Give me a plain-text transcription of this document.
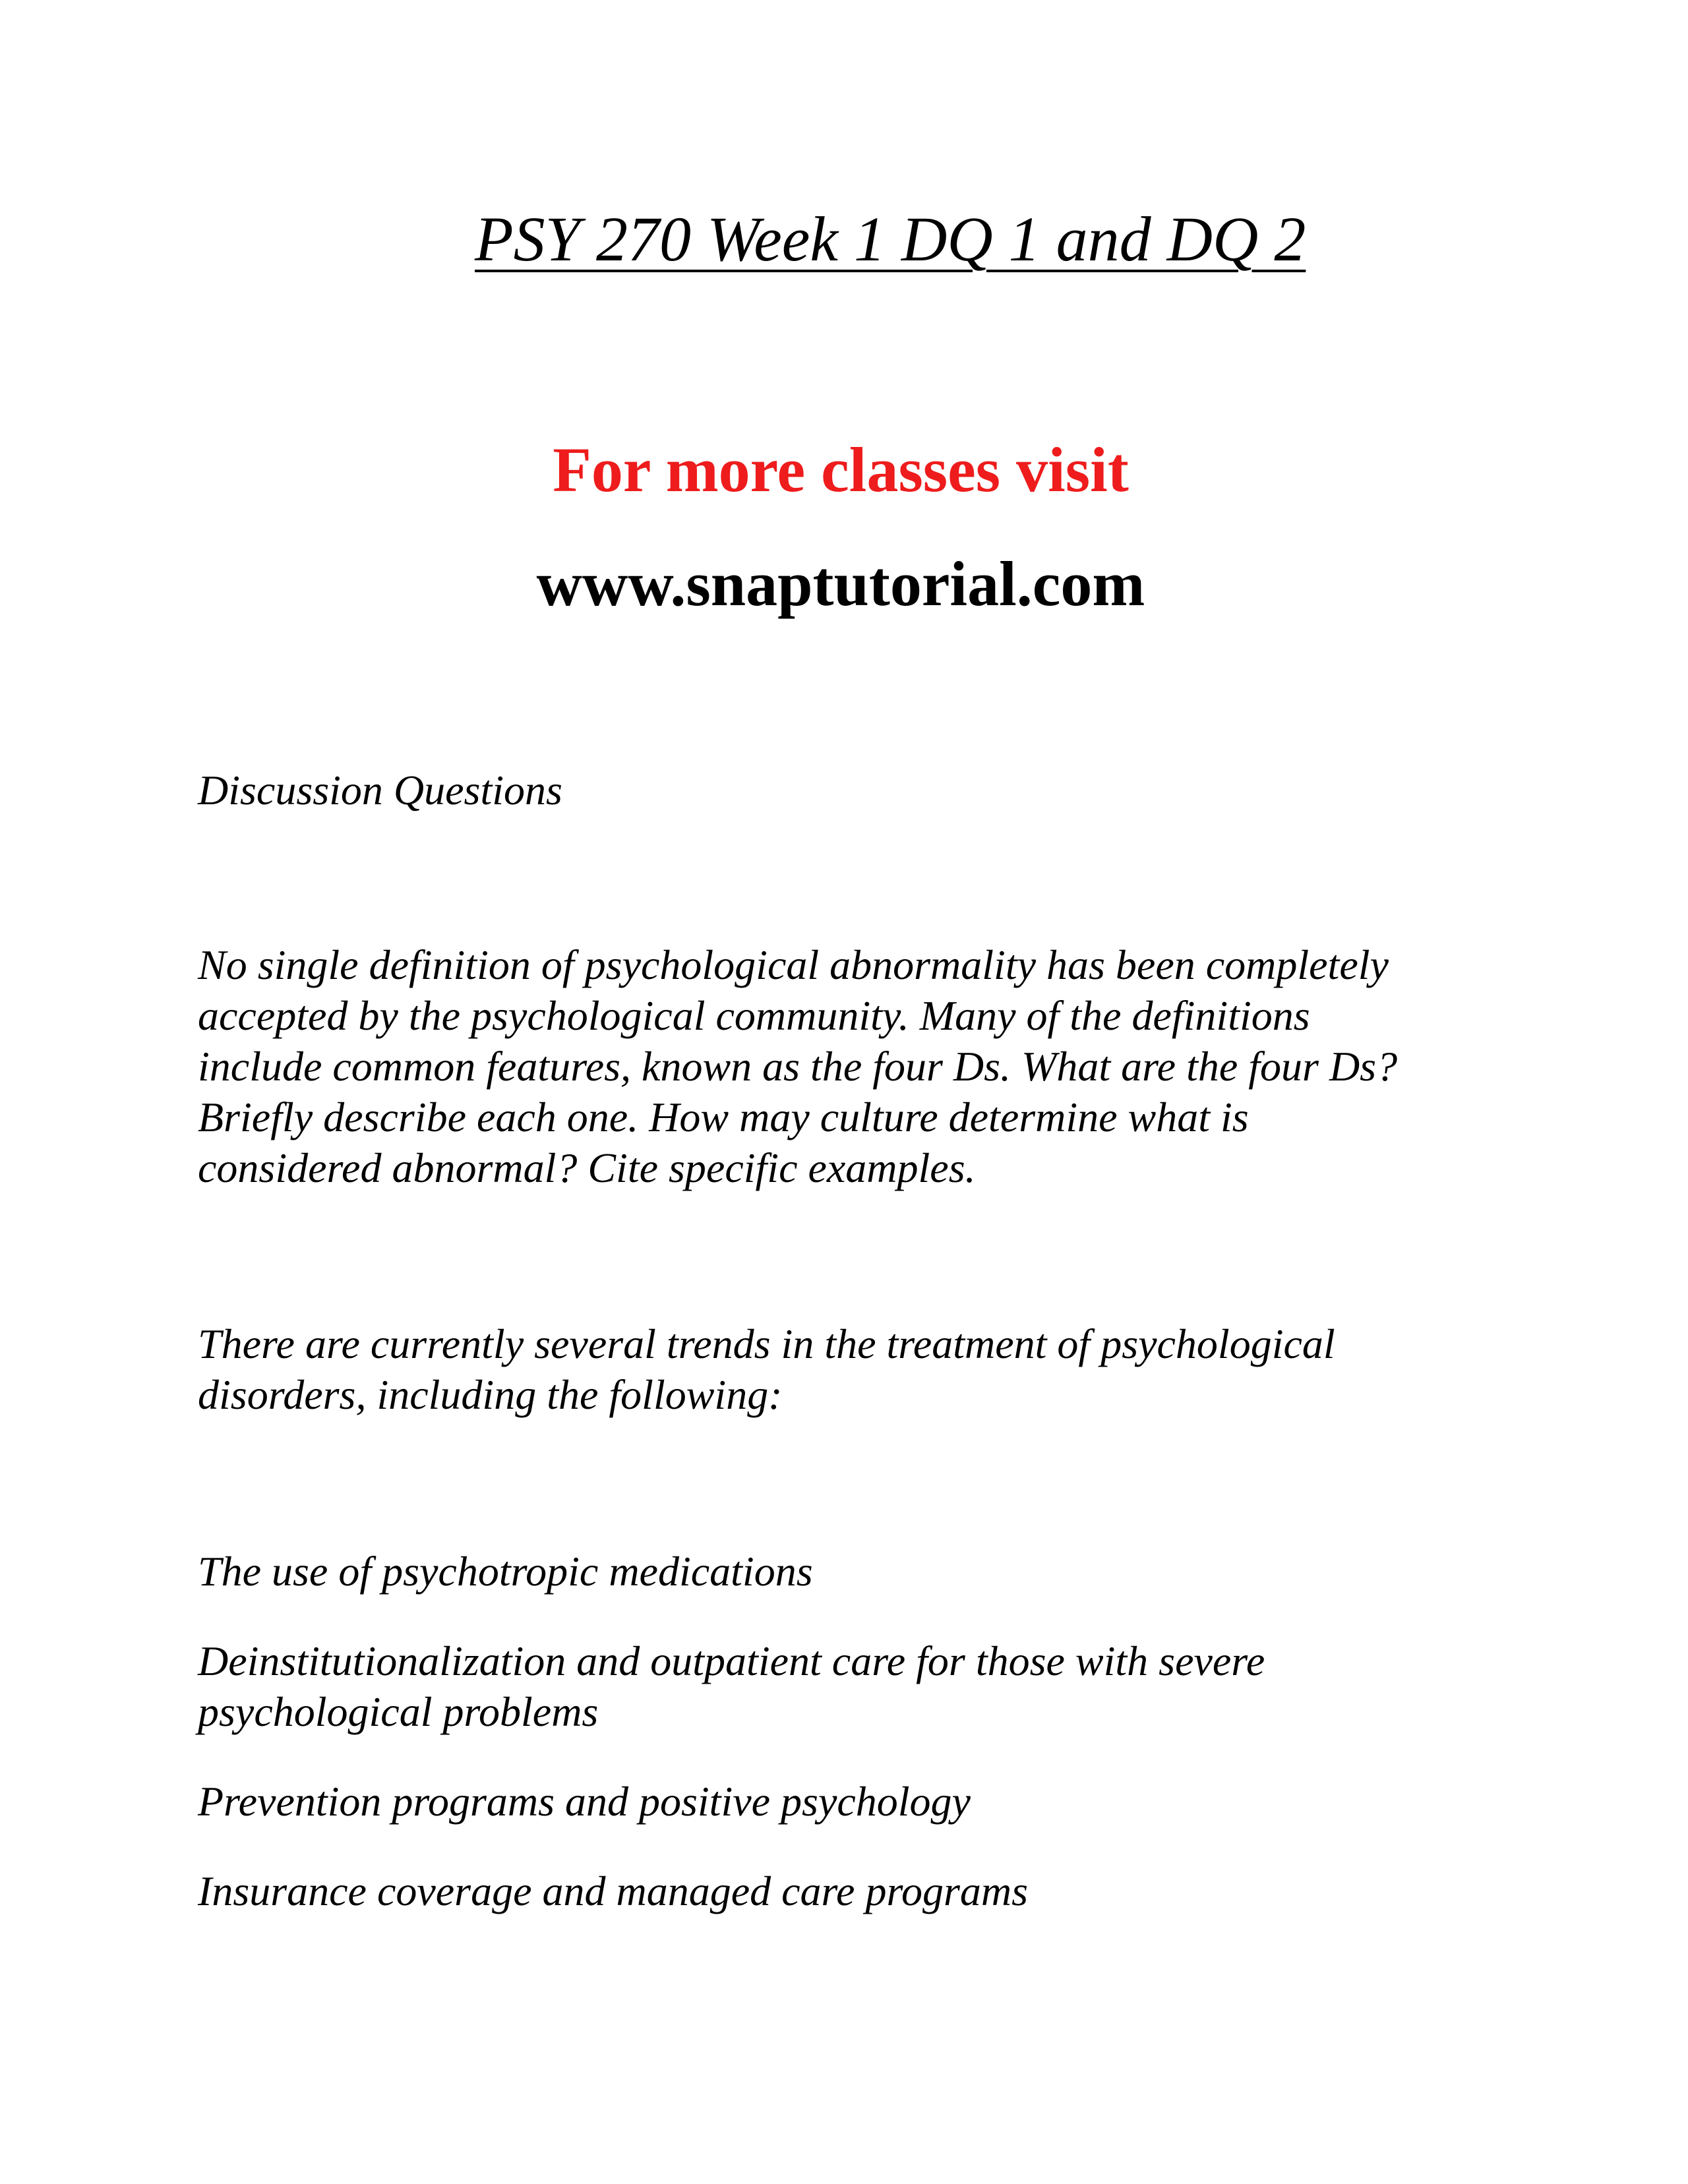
PSY 270 Week 1 DQ 1 and DQ 2
For more classes visit
www.snaptutorial.com
Discussion Questions
No single definition of psychological abnormality has been completely
accepted by the psychological community. Many of the definitions
include common features, known as the four Ds. What are the four Ds?
Briefly describe each one. How may culture determine what is
considered abnormal? Cite specific examples.
There are currently several trends in the treatment of psychological
disorders, including the following:
The use of psychotropic medications
Deinstitutionalization and outpatient care for those with severe
psychological problems
Prevention programs and positive psychology
Insurance coverage and managed care programs
